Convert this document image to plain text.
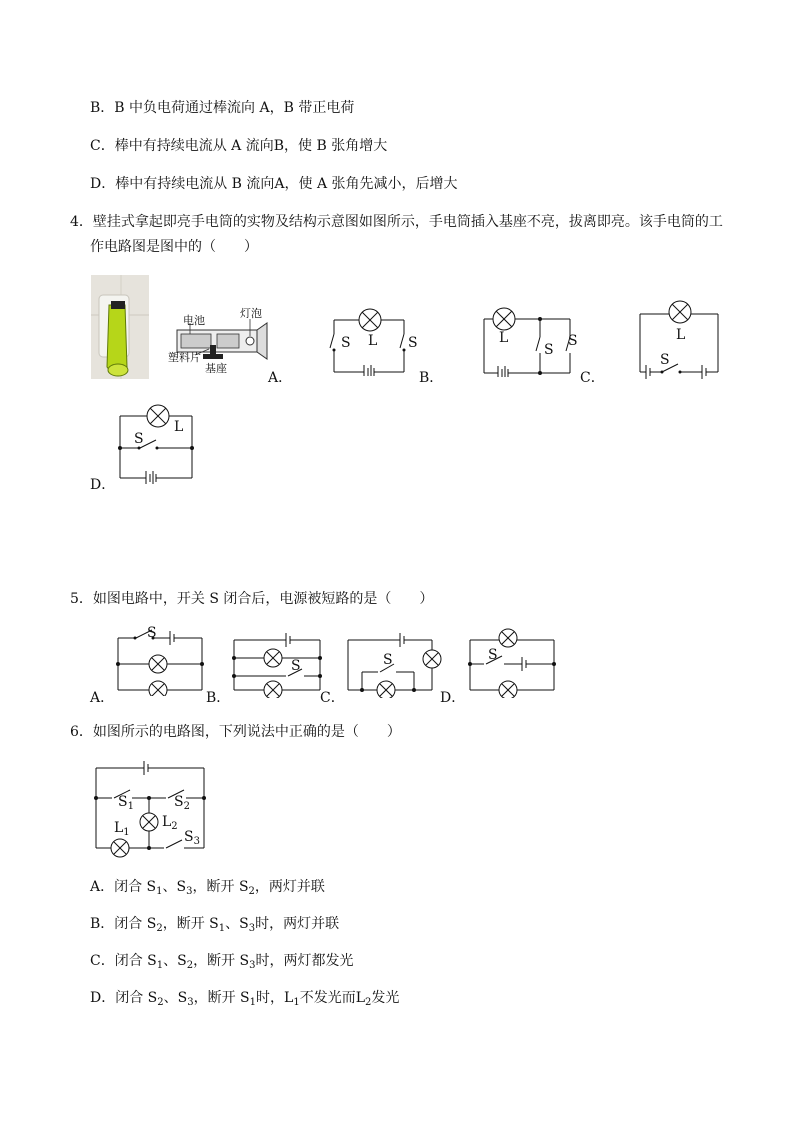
B．B 中负电荷通过棒流向 A，B 带正电荷
C．棒中有持续电流从 A 流向B，使 B 张角增大
D．棒中有持续电流从 B 流向A，使 A 张角先减小，后增大
4．壁挂式拿起即亮手电筒的实物及结构示意图如图所示，手电筒插入基座不亮，拔离即亮。该手电筒的工
作电路图是图中的（　　）
电池
灯泡
塑料片
基座
A．
S L S
B．
L
S
S
C．
L
S
L
S
D．
5．如图电路中，开关 S 闭合后，电源被短路的是（　　）
S
A．
S
B．
S
C．
S
D．
6．如图所示的电路图，下列说法中正确的是（　　）
$S_1$	$S_2$
$L_1$
$L_2$
$S_3$
A．闭合 $S_1$、$S_3$，断开 $S_2$，两灯并联
B．闭合 $S_2$，断开 $S_1$、$S_3$时，两灯并联
C．闭合 $S_1$、$S_2$，断开 $S_3$时，两灯都发光
D．闭合 $S_2$、$S_3$，断开 $S_1$时，$L_1$不发光而$L_2$发光
